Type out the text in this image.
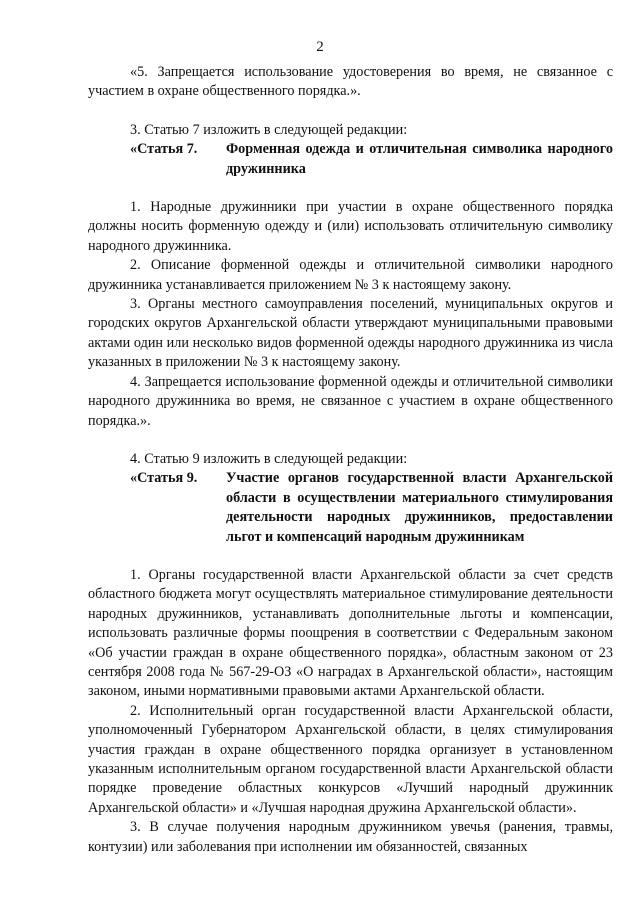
2

«5. Запрещается использование удостоверения во время, не связанное с участием в охране общественного порядка.».

3. Статью 7 изложить в следующей редакции:

«Статья 7.	Форменная одежда и отличительная символика народного дружинника

1. Народные дружинники при участии в охране общественного порядка должны носить форменную одежду и (или) использовать отличительную символику народного дружинника.

2. Описание форменной одежды и отличительной символики народного дружинника устанавливается приложением № 3 к настоящему закону.

3. Органы местного самоуправления поселений, муниципальных округов и городских округов Архангельской области утверждают муниципальными правовыми актами один или несколько видов форменной одежды народного дружинника из числа указанных в приложении № 3 к настоящему закону.

4. Запрещается использование форменной одежды и отличительной символики народного дружинника во время, не связанное с участием в охране общественного порядка.».

4. Статью 9 изложить в следующей редакции:

«Статья 9.	Участие органов государственной власти Архангельской области в осуществлении материального стимулирования деятельности народных дружинников, предоставлении льгот и компенсаций народным дружинникам

1. Органы государственной власти Архангельской области за счет средств областного бюджета могут осуществлять материальное стимулирование деятельности народных дружинников, устанавливать дополнительные льготы и компенсации, использовать различные формы поощрения в соответствии с Федеральным законом «Об участии граждан в охране общественного порядка», областным законом от 23 сентября 2008 года № 567-29-ОЗ «О наградах в Архангельской области», настоящим законом, иными нормативными правовыми актами Архангельской области.

2. Исполнительный орган государственной власти Архангельской области, уполномоченный Губернатором Архангельской области, в целях стимулирования участия граждан в охране общественного порядка организует в установленном указанным исполнительным органом государственной власти Архангельской области порядке проведение областных конкурсов «Лучший народный дружинник Архангельской области» и «Лучшая народная дружина Архангельской области».

3. В случае получения народным дружинником увечья (ранения, травмы, контузии) или заболевания при исполнении им обязанностей, связанных
